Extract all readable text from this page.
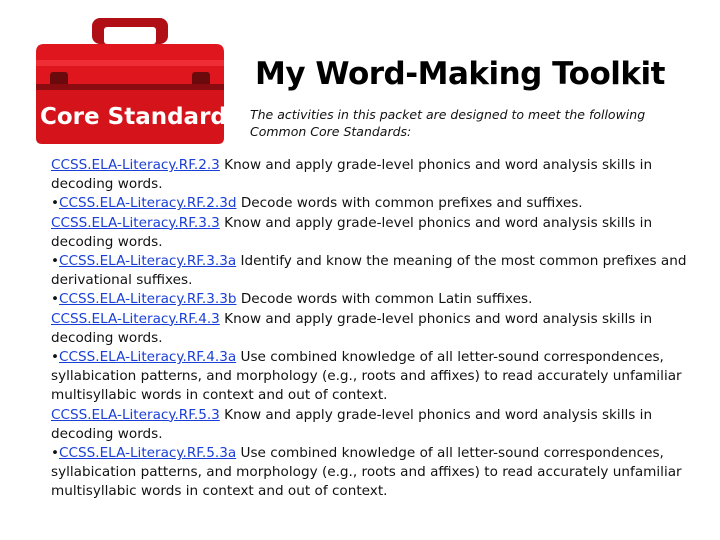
Core Standards
My Word-Making Toolkit
The activities in this packet are designed to meet the following Common Core Standards:

CCSS.ELA-Literacy.RF.2.3 Know and apply grade-level phonics and word analysis skills in decoding words.

•CCSS.ELA-Literacy.RF.2.3d Decode words with common prefixes and suffixes.

CCSS.ELA-Literacy.RF.3.3 Know and apply grade-level phonics and word analysis skills in decoding words.

•CCSS.ELA-Literacy.RF.3.3a Identify and know the meaning of the most common prefixes and derivational suffixes.

•CCSS.ELA-Literacy.RF.3.3b Decode words with common Latin suffixes.

CCSS.ELA-Literacy.RF.4.3 Know and apply grade-level phonics and word analysis skills in decoding words.

•CCSS.ELA-Literacy.RF.4.3a Use combined knowledge of all letter-sound correspondences, syllabication patterns, and morphology (e.g., roots and affixes) to read accurately unfamiliar multisyllabic words in context and out of context.

CCSS.ELA-Literacy.RF.5.3 Know and apply grade-level phonics and word analysis skills in decoding words.

•CCSS.ELA-Literacy.RF.5.3a Use combined knowledge of all letter-sound correspondences, syllabication patterns, and morphology (e.g., roots and affixes) to read accurately unfamiliar multisyllabic words in context and out of context.
